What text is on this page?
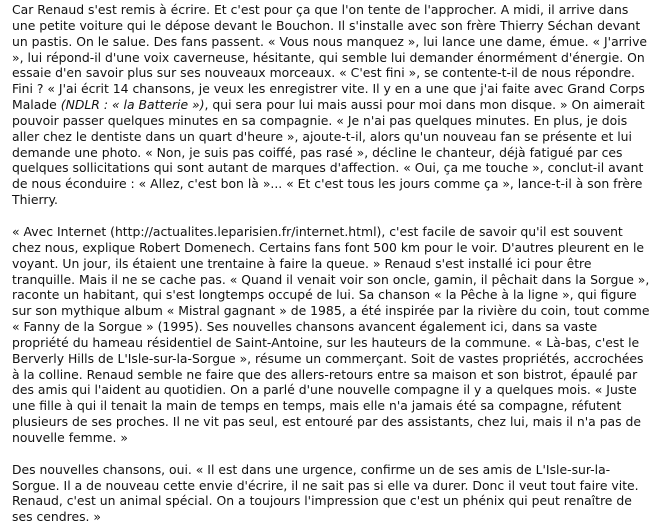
Car Renaud s'est remis à écrire. Et c'est pour ça que l'on tente de l'approcher. A midi, il arrive dans une petite voiture qui le dépose devant le Bouchon. Il s'installe avec son frère Thierry Séchan devant un pastis. On le salue. Des fans passent. « Vous nous manquez », lui lance une dame, émue. « J'arrive », lui répond-il d'une voix caverneuse, hésitante, qui semble lui demander énormément d'énergie. On essaie d'en savoir plus sur ses nouveaux morceaux. « C'est fini », se contente-t-il de nous répondre. Fini ? « J'ai écrit 14 chansons, je veux les enregistrer vite. Il y en a une que j'ai faite avec Grand Corps Malade (NDLR : « la Batterie »), qui sera pour lui mais aussi pour moi dans mon disque. » On aimerait pouvoir passer quelques minutes en sa compagnie. « Je n'ai pas quelques minutes. En plus, je dois aller chez le dentiste dans un quart d'heure », ajoute-t-il, alors qu'un nouveau fan se présente et lui demande une photo. « Non, je suis pas coiffé, pas rasé », décline le chanteur, déjà fatigué par ces quelques sollicitations qui sont autant de marques d'affection. « Oui, ça me touche », conclut-il avant de nous éconduire : « Allez, c'est bon là »... « Et c'est tous les jours comme ça », lance-t-il à son frère Thierry.

« Avec Internet (http://actualites.leparisien.fr/internet.html), c'est facile de savoir qu'il est souvent chez nous, explique Robert Domenech. Certains fans font 500 km pour le voir. D'autres pleurent en le voyant. Un jour, ils étaient une trentaine à faire la queue. » Renaud s'est installé ici pour être tranquille. Mais il ne se cache pas. « Quand il venait voir son oncle, gamin, il pêchait dans la Sorgue », raconte un habitant, qui s'est longtemps occupé de lui. Sa chanson « la Pêche à la ligne », qui figure sur son mythique album « Mistral gagnant » de 1985, a été inspirée par la rivière du coin, tout comme « Fanny de la Sorgue » (1995). Ses nouvelles chansons avancent également ici, dans sa vaste propriété du hameau résidentiel de Saint-Antoine, sur les hauteurs de la commune. « Là-bas, c'est le Berverly Hills de L'Isle-sur-la-Sorgue », résume un commerçant. Soit de vastes propriétés, accrochées à la colline. Renaud semble ne faire que des allers-retours entre sa maison et son bistrot, épaulé par des amis qui l'aident au quotidien. On a parlé d'une nouvelle compagne il y a quelques mois. « Juste une fille à qui il tenait la main de temps en temps, mais elle n'a jamais été sa compagne, réfutent plusieurs de ses proches. Il ne vit pas seul, est entouré par des assistants, chez lui, mais il n'a pas de nouvelle femme. »

Des nouvelles chansons, oui. « Il est dans une urgence, confirme un de ses amis de L'Isle-sur-la-Sorgue. Il a de nouveau cette envie d'écrire, il ne sait pas si elle va durer. Donc il veut tout faire vite. Renaud, c'est un animal spécial. On a toujours l'impression que c'est un phénix qui peut renaître de ses cendres. »
